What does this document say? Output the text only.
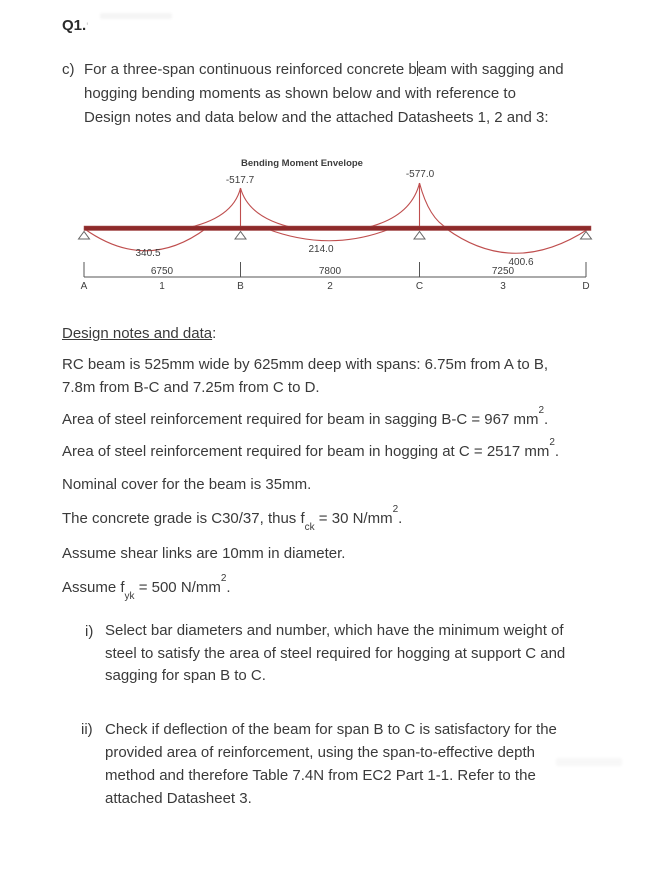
Q1.'
c) For a three-span continuous reinforced concrete beam with sagging and
hogging bending moments as shown below and with reference to
Design notes and data below and the attached Datasheets 1, 2 and 3:
Bending Moment Envelope
-517.7
-577.0
340.5	214.0
400.6
6750	7800	7250
A	1	B	2	C	3	D
Design notes and data:
RC beam is 525mm wide by 625mm deep with spans: 6.75m from A to B,
7.8m from B-C and 7.25m from C to D.
Area of steel reinforcement required for beam in sagging B-C = 967 $mm^2$.
Area of steel reinforcement required for beam in hogging at C = 2517 $mm^2$.
Nominal cover for the beam is 35mm.
The concrete grade is C30/37, thus $f_{ck} = 30$ $N/mm^2$.
Assume shear links are 10mm in diameter.
Assume $f_{yk} = 500$ $N/mm^2$.
i) Select bar diameters and number, which have the minimum weight of
steel to satisfy the area of steel required for hogging at support C and
sagging for span B to C.
ii) Check if deflection of the beam for span B to C is satisfactory for the
provided area of reinforcement, using the span-to-effective depth
method and therefore Table 7.4N from EC2 Part 1-1. Refer to the
attached Datasheet 3.
